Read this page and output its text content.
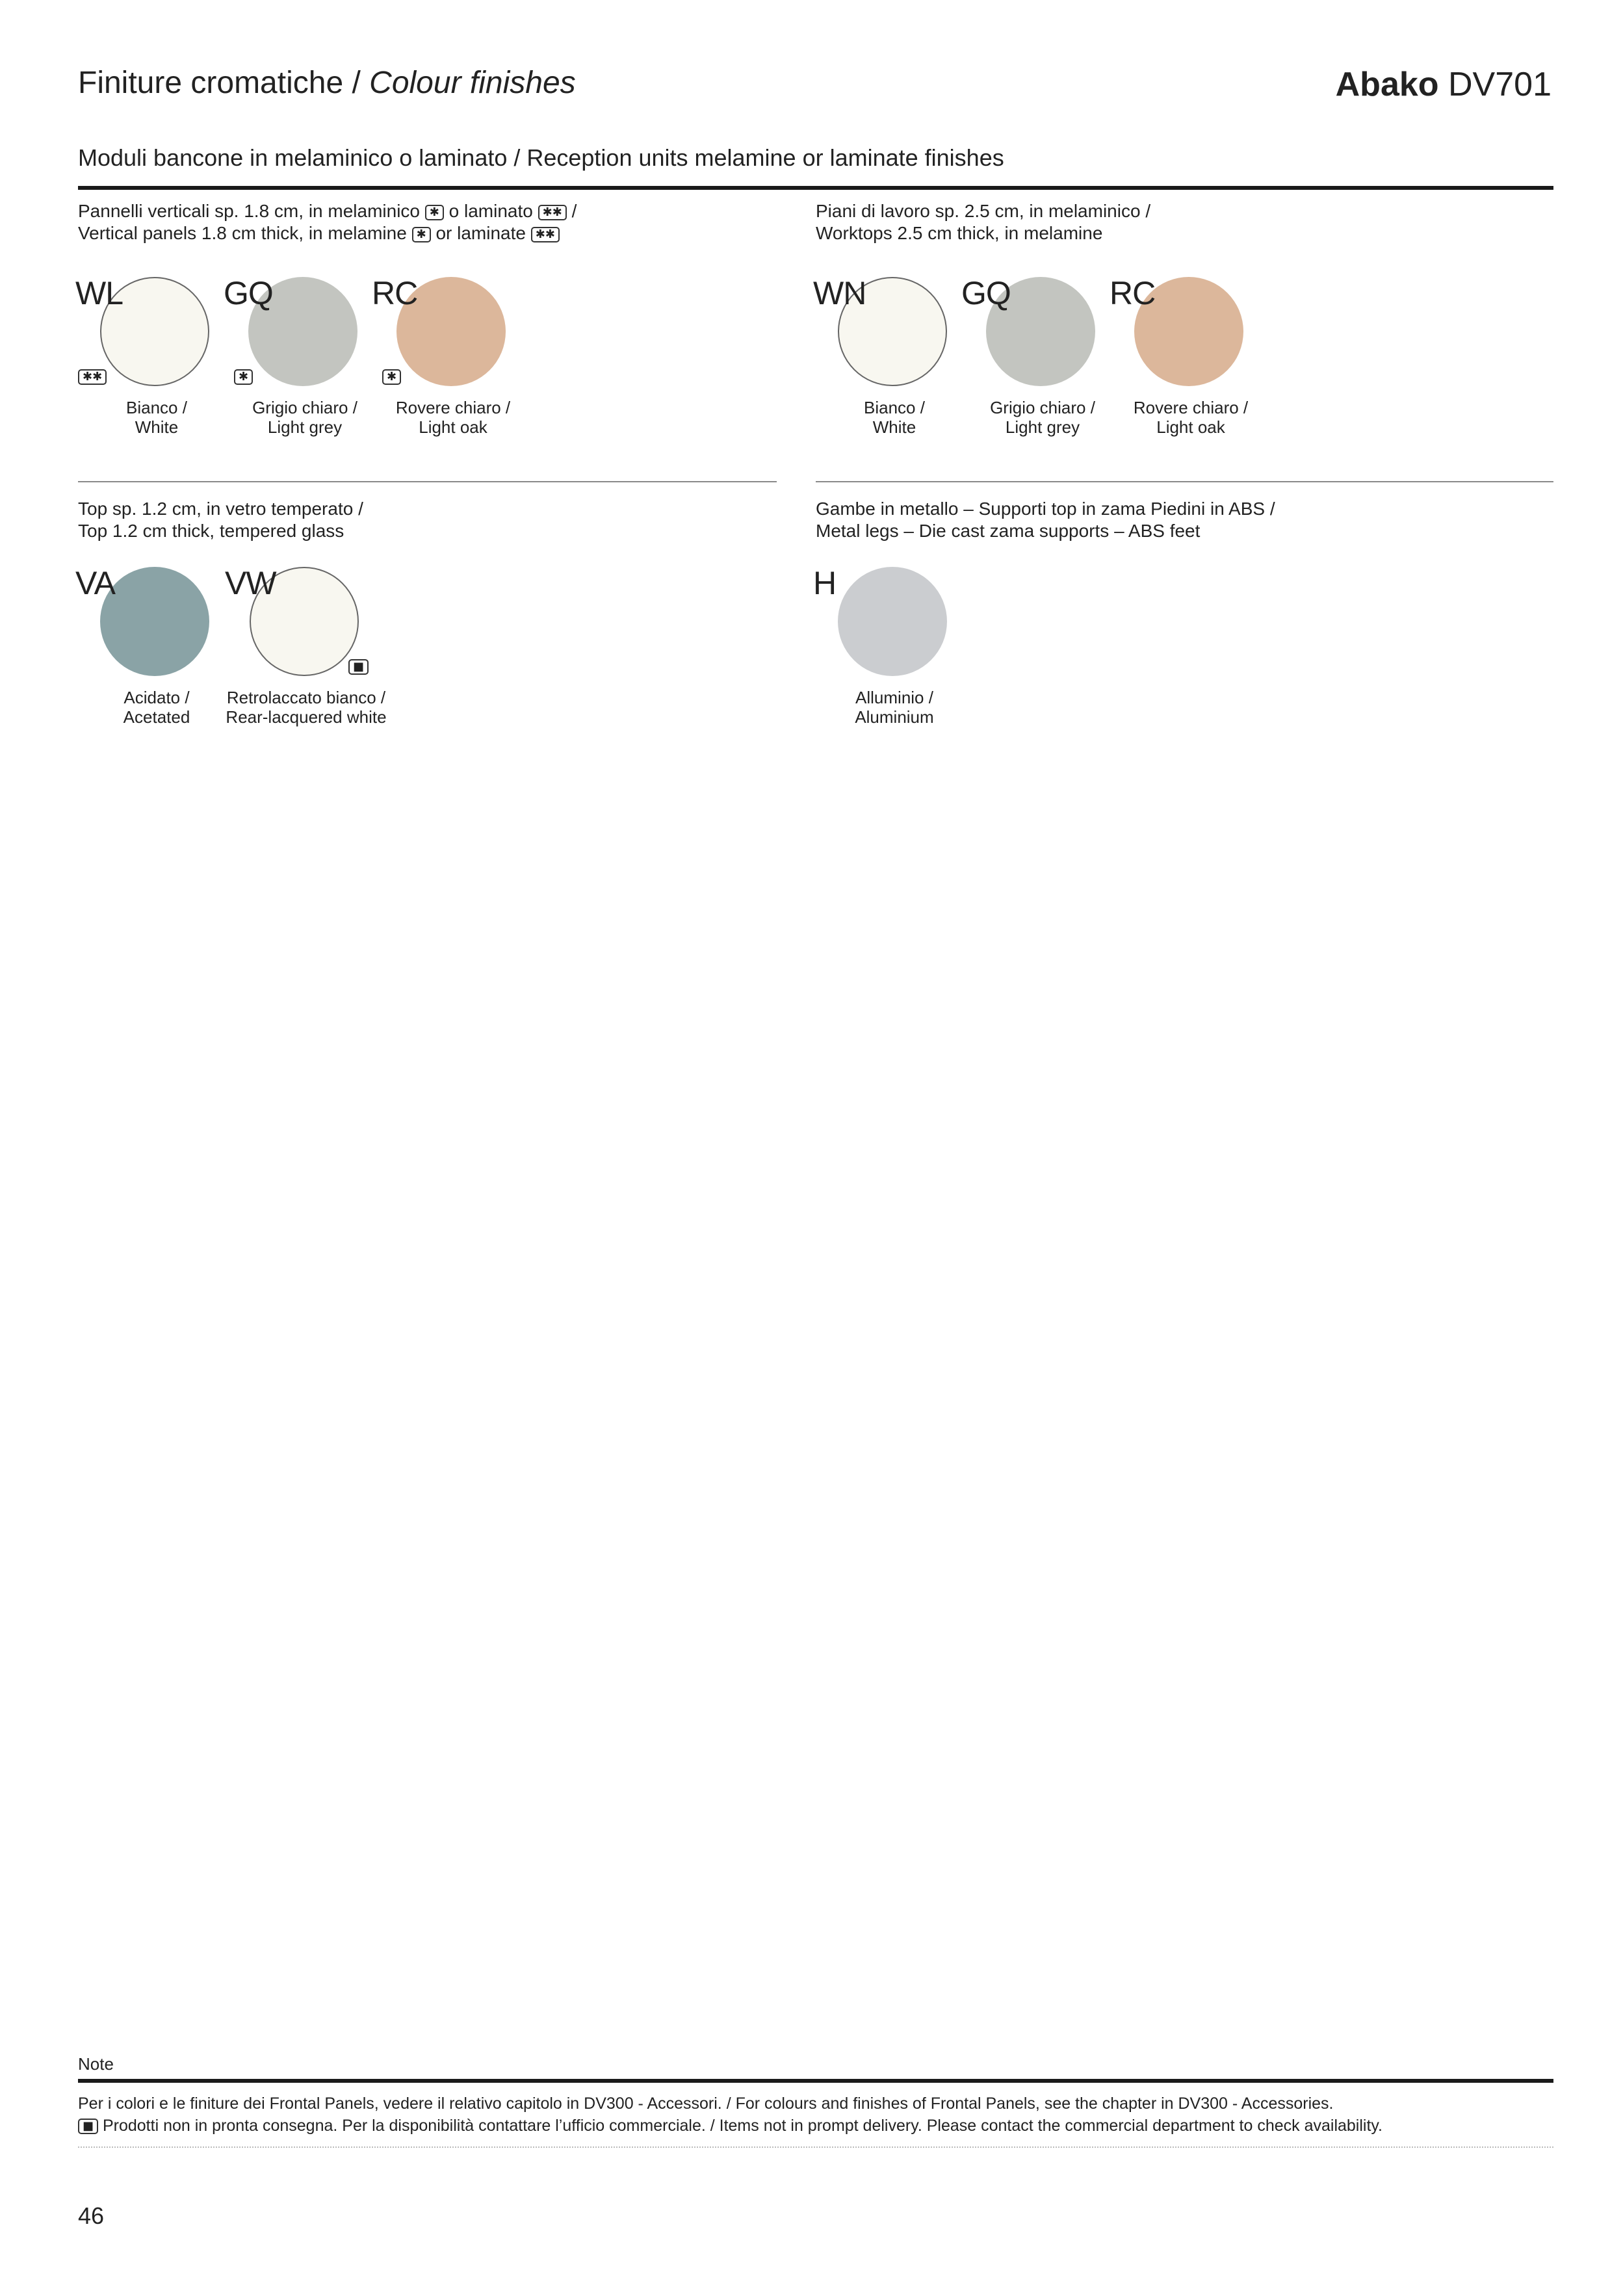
Finiture cromatiche / Colour finishes	Abako DV701
Moduli bancone in melaminico o laminato / Reception units melamine or laminate finishes
Pannelli verticali sp. 1.8 cm, in melaminico ✱ o laminato ✱✱ /
Vertical panels 1.8 cm thick, in melamine ✱ or laminate ✱✱
WL
✱✱
Bianco /
White
GQ
✱
Grigio chiaro /
Light grey
RC
✱
Rovere chiaro /
Light oak
Piani di lavoro sp. 2.5 cm, in melaminico /
Worktops 2.5 cm thick, in melamine
WN
Bianco /
White
GQ
Grigio chiaro /
Light grey
RC
Rovere chiaro /
Light oak
Top sp. 1.2 cm, in vetro temperato /
Top 1.2 cm thick, tempered glass
VA
Acidato /
Acetated
VW
■
Retrolaccato bianco /
Rear-lacquered white
Gambe in metallo – Supporti top in zama Piedini in ABS /
Metal legs – Die cast zama supports – ABS feet
H
Alluminio /
Aluminium
Note
Per i colori e le finiture dei Frontal Panels, vedere il relativo capitolo in DV300 - Accessori. / For colours and finishes of Frontal Panels, see the chapter in DV300 - Accessories.
■ Prodotti non in pronta consegna. Per la disponibilità contattare l’ufficio commerciale. / Items not in prompt delivery. Please contact the commercial department to check availability.
46
